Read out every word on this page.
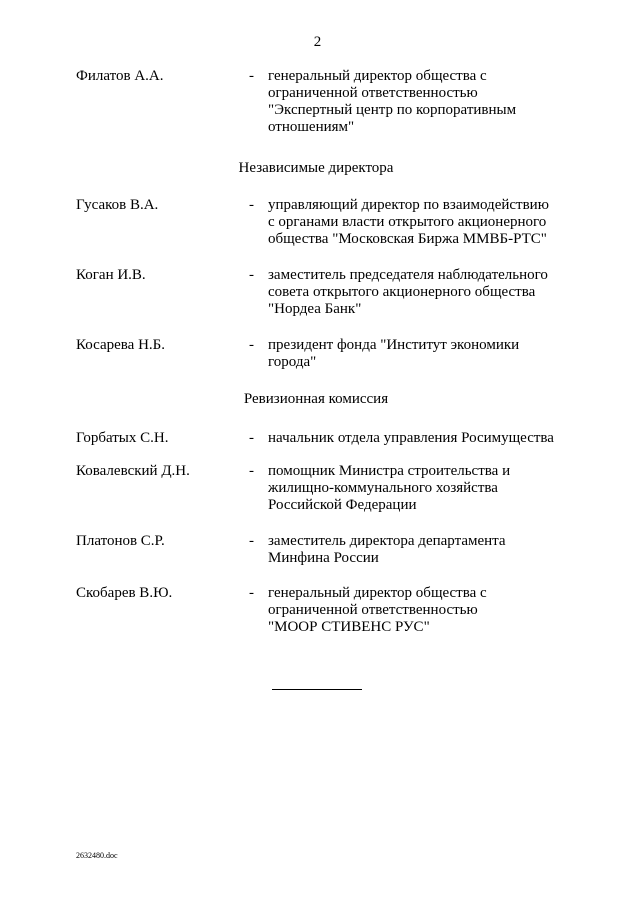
2
Филатов А.А.	- генеральный директор общества с
ограниченной ответственностью
"Экспертный центр по корпоративным
отношениям"
Независимые директора
Гусаков В.А.	- управляющий директор по взаимодействию
с органами власти открытого акционерного
общества "Московская Биржа ММВБ-РТС"
Коган И.В.	- заместитель председателя наблюдательного
совета открытого акционерного общества
"Нордеа Банк"
Косарева Н.Б.	- президент фонда "Институт экономики
города"
Ревизионная комиссия
Горбатых С.Н.	- начальник отдела управления Росимущества
Ковалевский Д.Н.	- помощник Министра строительства и
жилищно-коммунального хозяйства
Российской Федерации
Платонов С.Р.	- заместитель директора департамента
Минфина России
Скобарев В.Ю.	- генеральный директор общества с
ограниченной ответственностью
"МООР СТИВЕНС РУС"
2632480.doc
